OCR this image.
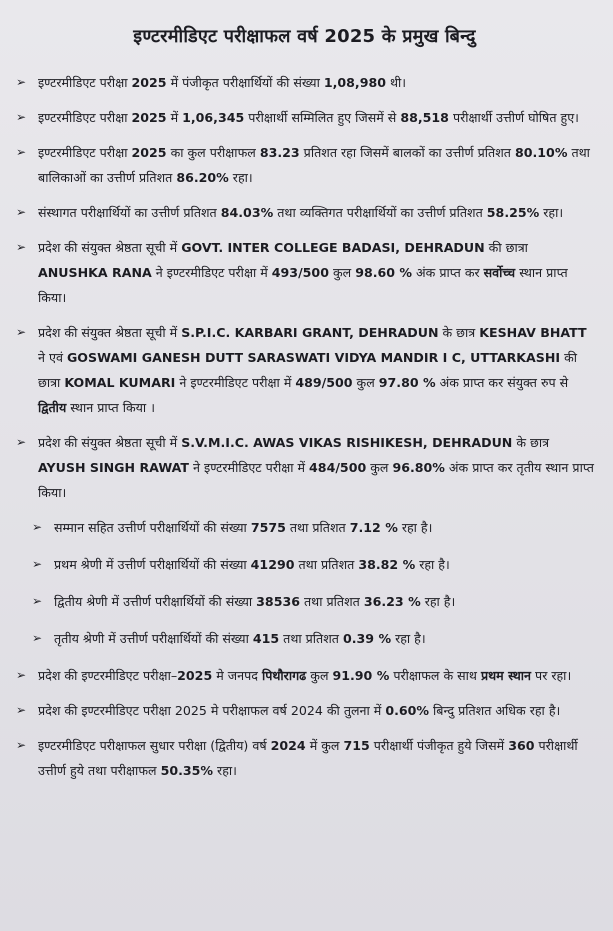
इण्टरमीडिएट परीक्षाफल वर्ष 2025 के प्रमुख बिन्दु
➢ इण्टरमीडिएट परीक्षा 2025 में पंजीकृत परीक्षार्थियों की संख्या 1,08,980 थी।
➢ इण्टरमीडिएट परीक्षा 2025 में 1,06,345 परीक्षार्थी सम्मिलित हुए जिसमें से 88,518 परीक्षार्थी उत्तीर्ण घोषित हुए।
➢ इण्टरमीडिएट परीक्षा 2025 का कुल परीक्षाफल 83.23 प्रतिशत रहा जिसमें बालकों का उत्तीर्ण प्रतिशत 80.10% तथा बालिकाओं का उत्तीर्ण प्रतिशत 86.20% रहा।
➢ संस्थागत परीक्षार्थियों का उत्तीर्ण प्रतिशत 84.03% तथा व्यक्तिगत परीक्षार्थियों का उत्तीर्ण प्रतिशत 58.25% रहा।
➢ प्रदेश की संयुक्त श्रेष्ठता सूची में GOVT. INTER COLLEGE BADASI, DEHRADUN की छात्रा ANUSHKA RANA ने इण्टरमीडिएट परीक्षा में 493/500 कुल 98.60 % अंक प्राप्त कर सर्वोच्च स्थान प्राप्त किया।
➢ प्रदेश की संयुक्त श्रेष्ठता सूची में S.P.I.C. KARBARI GRANT, DEHRADUN के छात्र KESHAV BHATT ने एवं GOSWAMI GANESH DUTT SARASWATI VIDYA MANDIR I C, UTTARKASHI की छात्रा KOMAL KUMARI ने इण्टरमीडिएट परीक्षा में 489/500 कुल 97.80 % अंक प्राप्त कर संयुक्त रुप से द्वितीय स्थान प्राप्त किया ।
➢ प्रदेश की संयुक्त श्रेष्ठता सूची में S.V.M.I.C. AWAS VIKAS RISHIKESH, DEHRADUN के छात्र AYUSH SINGH RAWAT ने इण्टरमीडिएट परीक्षा में 484/500 कुल 96.80% अंक प्राप्त कर तृतीय स्थान प्राप्त किया।
➢ सम्मान सहित उत्तीर्ण परीक्षार्थियों की संख्या 7575 तथा प्रतिशत 7.12 % रहा है।
➢ प्रथम श्रेणी में उत्तीर्ण परीक्षार्थियों की संख्या 41290 तथा प्रतिशत 38.82 % रहा है।
➢ द्वितीय श्रेणी में उत्तीर्ण परीक्षार्थियों की संख्या 38536 तथा प्रतिशत 36.23 % रहा है।
➢ तृतीय श्रेणी में उत्तीर्ण परीक्षार्थियों की संख्या 415 तथा प्रतिशत 0.39 % रहा है।
➢ प्रदेश की इण्टरमीडिएट परीक्षा–2025 मे जनपद पिथौरागढ कुल 91.90 % परीक्षाफल के साथ प्रथम स्थान पर रहा।
➢ प्रदेश की इण्टरमीडिएट परीक्षा 2025 मे परीक्षाफल वर्ष 2024 की तुलना में 0.60% बिन्दु प्रतिशत अधिक रहा है।
➢ इण्टरमीडिएट परीक्षाफल सुधार परीक्षा (द्वितीय) वर्ष 2024 में कुल 715 परीक्षार्थी पंजीकृत हुये जिसमें 360 परीक्षार्थी उत्तीर्ण हुये तथा परीक्षाफल 50.35% रहा।
